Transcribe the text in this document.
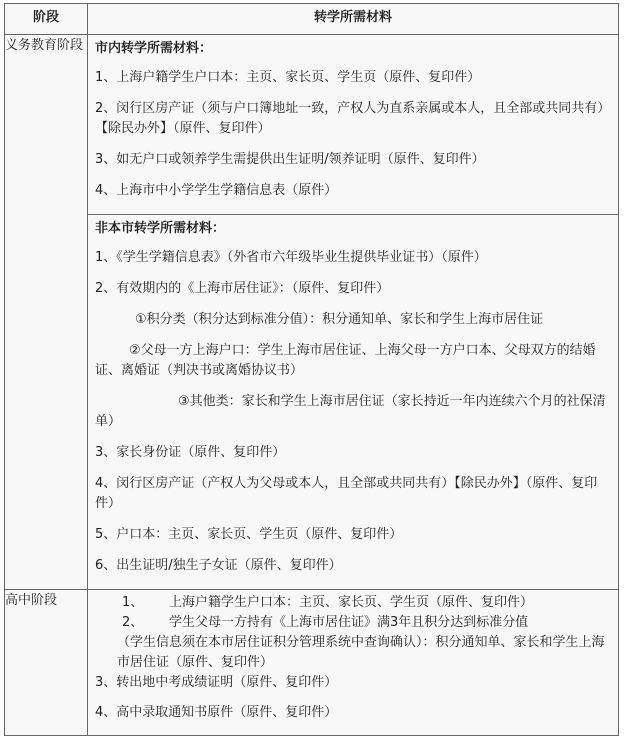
阶段	转学所需材料
义务教育阶段	市内转学所需材料：
1、上海户籍学生户口本：主页、家长页、学生页（原件、复印件）
2、闵行区房产证（须与户口簿地址一致，产权人为直系亲属或本人，且全部或共同共有）【除民办外】（原件、复印件）
3、如无户口或领养学生需提供出生证明/领养证明（原件、复印件）
4、上海市中小学学生学籍信息表（原件）

非本市转学所需材料：
1、《学生学籍信息表》（外省市六年级毕业生提供毕业证书）（原件）
2、有效期内的《上海市居住证》：（原件、复印件）
①积分类（积分达到标准分值）：积分通知单、家长和学生上海市居住证
②父母一方上海户口：学生上海市居住证、上海父母一方户口本、父母双方的结婚证、离婚证（判决书或离婚协议书）
③其他类：家长和学生上海市居住证（家长持近一年内连续六个月的社保清单）
3、家长身份证（原件、复印件）
4、闵行区房产证（产权人为父母或本人，且全部或共同共有）【除民办外】（原件、复印件）
5、户口本：主页、家长页、学生页（原件、复印件）
6、出生证明/独生子女证（原件、复印件）

高中阶段	1、 上海户籍学生户口本：主页、家长页、学生页（原件、复印件）
2、 学生父母一方持有《上海市居住证》满3年且积分达到标准分值
（学生信息须在本市居住证积分管理系统中查询确认）：积分通知单、家长和学生上海市居住证（原件、复印件）
3、转出地中考成绩证明（原件、复印件）
4、高中录取通知书原件（原件、复印件）
